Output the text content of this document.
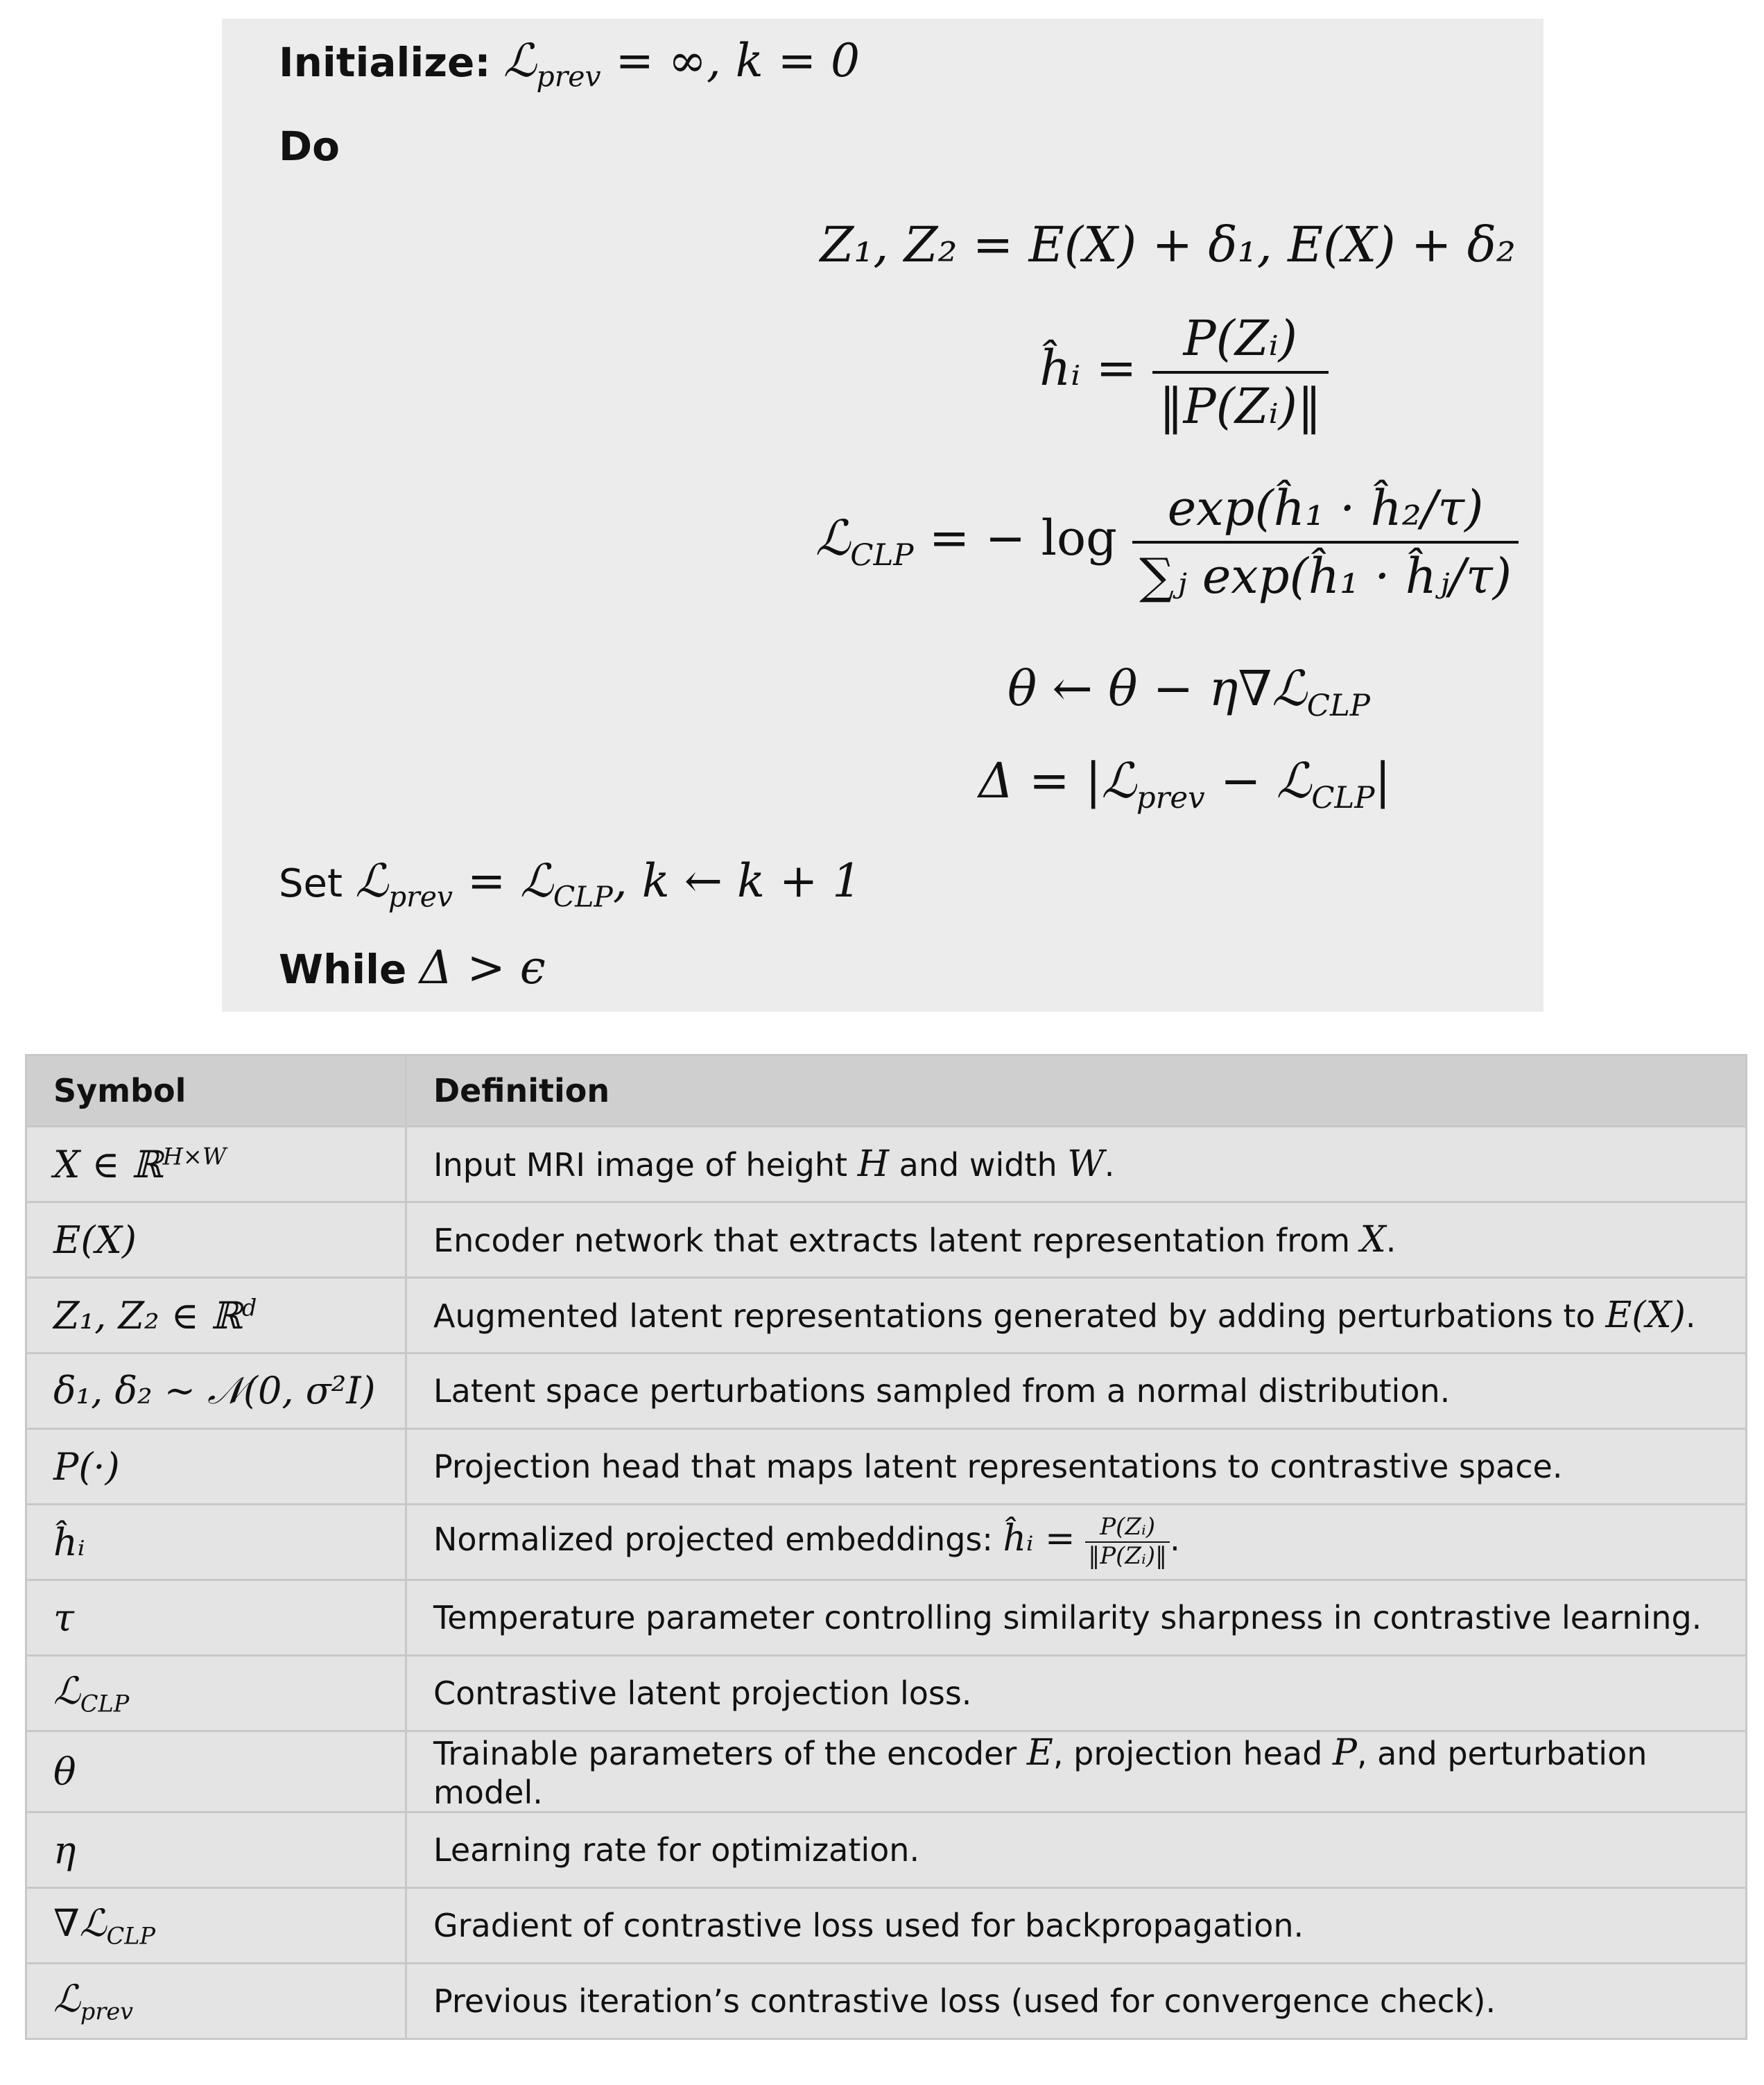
Initialize: ℒ$_{prev}$ = ∞, k = 0
Do
Z₁, Z₂ = E(X) + δ₁, E(X) + δ₂
ĥᵢ = $\frac{\text{P(Zᵢ)}}{\text{‖P(Zᵢ)‖}}$
ℒ$_{CLP}$ = − $\log \frac{\text{exp(ĥ₁ · ĥ₂/τ)}}{\text{∑ⱼ exp(ĥ₁ · ĥⱼ/τ)}}$
θ ← θ − η∇ℒ$_{CLP}$
Δ = |ℒ$_{prev}$ − ℒ$_{CLP}$|
Set ℒ$_{prev}$ = ℒ$_{CLP}$, k ← k + 1
While Δ > ϵ
Symbol	Definition
X ∈ ℝ$^{H\times W}$	Input MRI image of height H and width W.
E(X)	Encoder network that extracts latent representation from X.
Z₁, Z₂ ∈ ℝ$^d$	Augmented latent representations generated by adding perturbations to E(X).
δ₁, δ₂ ∼ 𝒩(0, σ²I)	Latent space perturbations sampled from a normal distribution.
P(·)	Projection head that maps latent representations to contrastive space.
ĥᵢ	Normalized projected embeddings: ĥᵢ = $\frac{\text{P(Zᵢ)}}{\text{‖P(Zᵢ)‖}}$ .
τ	Temperature parameter controlling similarity sharpness in contrastive learning.
ℒ$_{CLP}$	Contrastive latent projection loss.
θ	Trainable parameters of the encoder E, projection head P, and perturbation model.
η	Learning rate for optimization.
∇ℒ$_{CLP}$	Gradient of contrastive loss used for backpropagation.
ℒ$_{prev}$	Previous iteration’s contrastive loss (used for convergence check).
